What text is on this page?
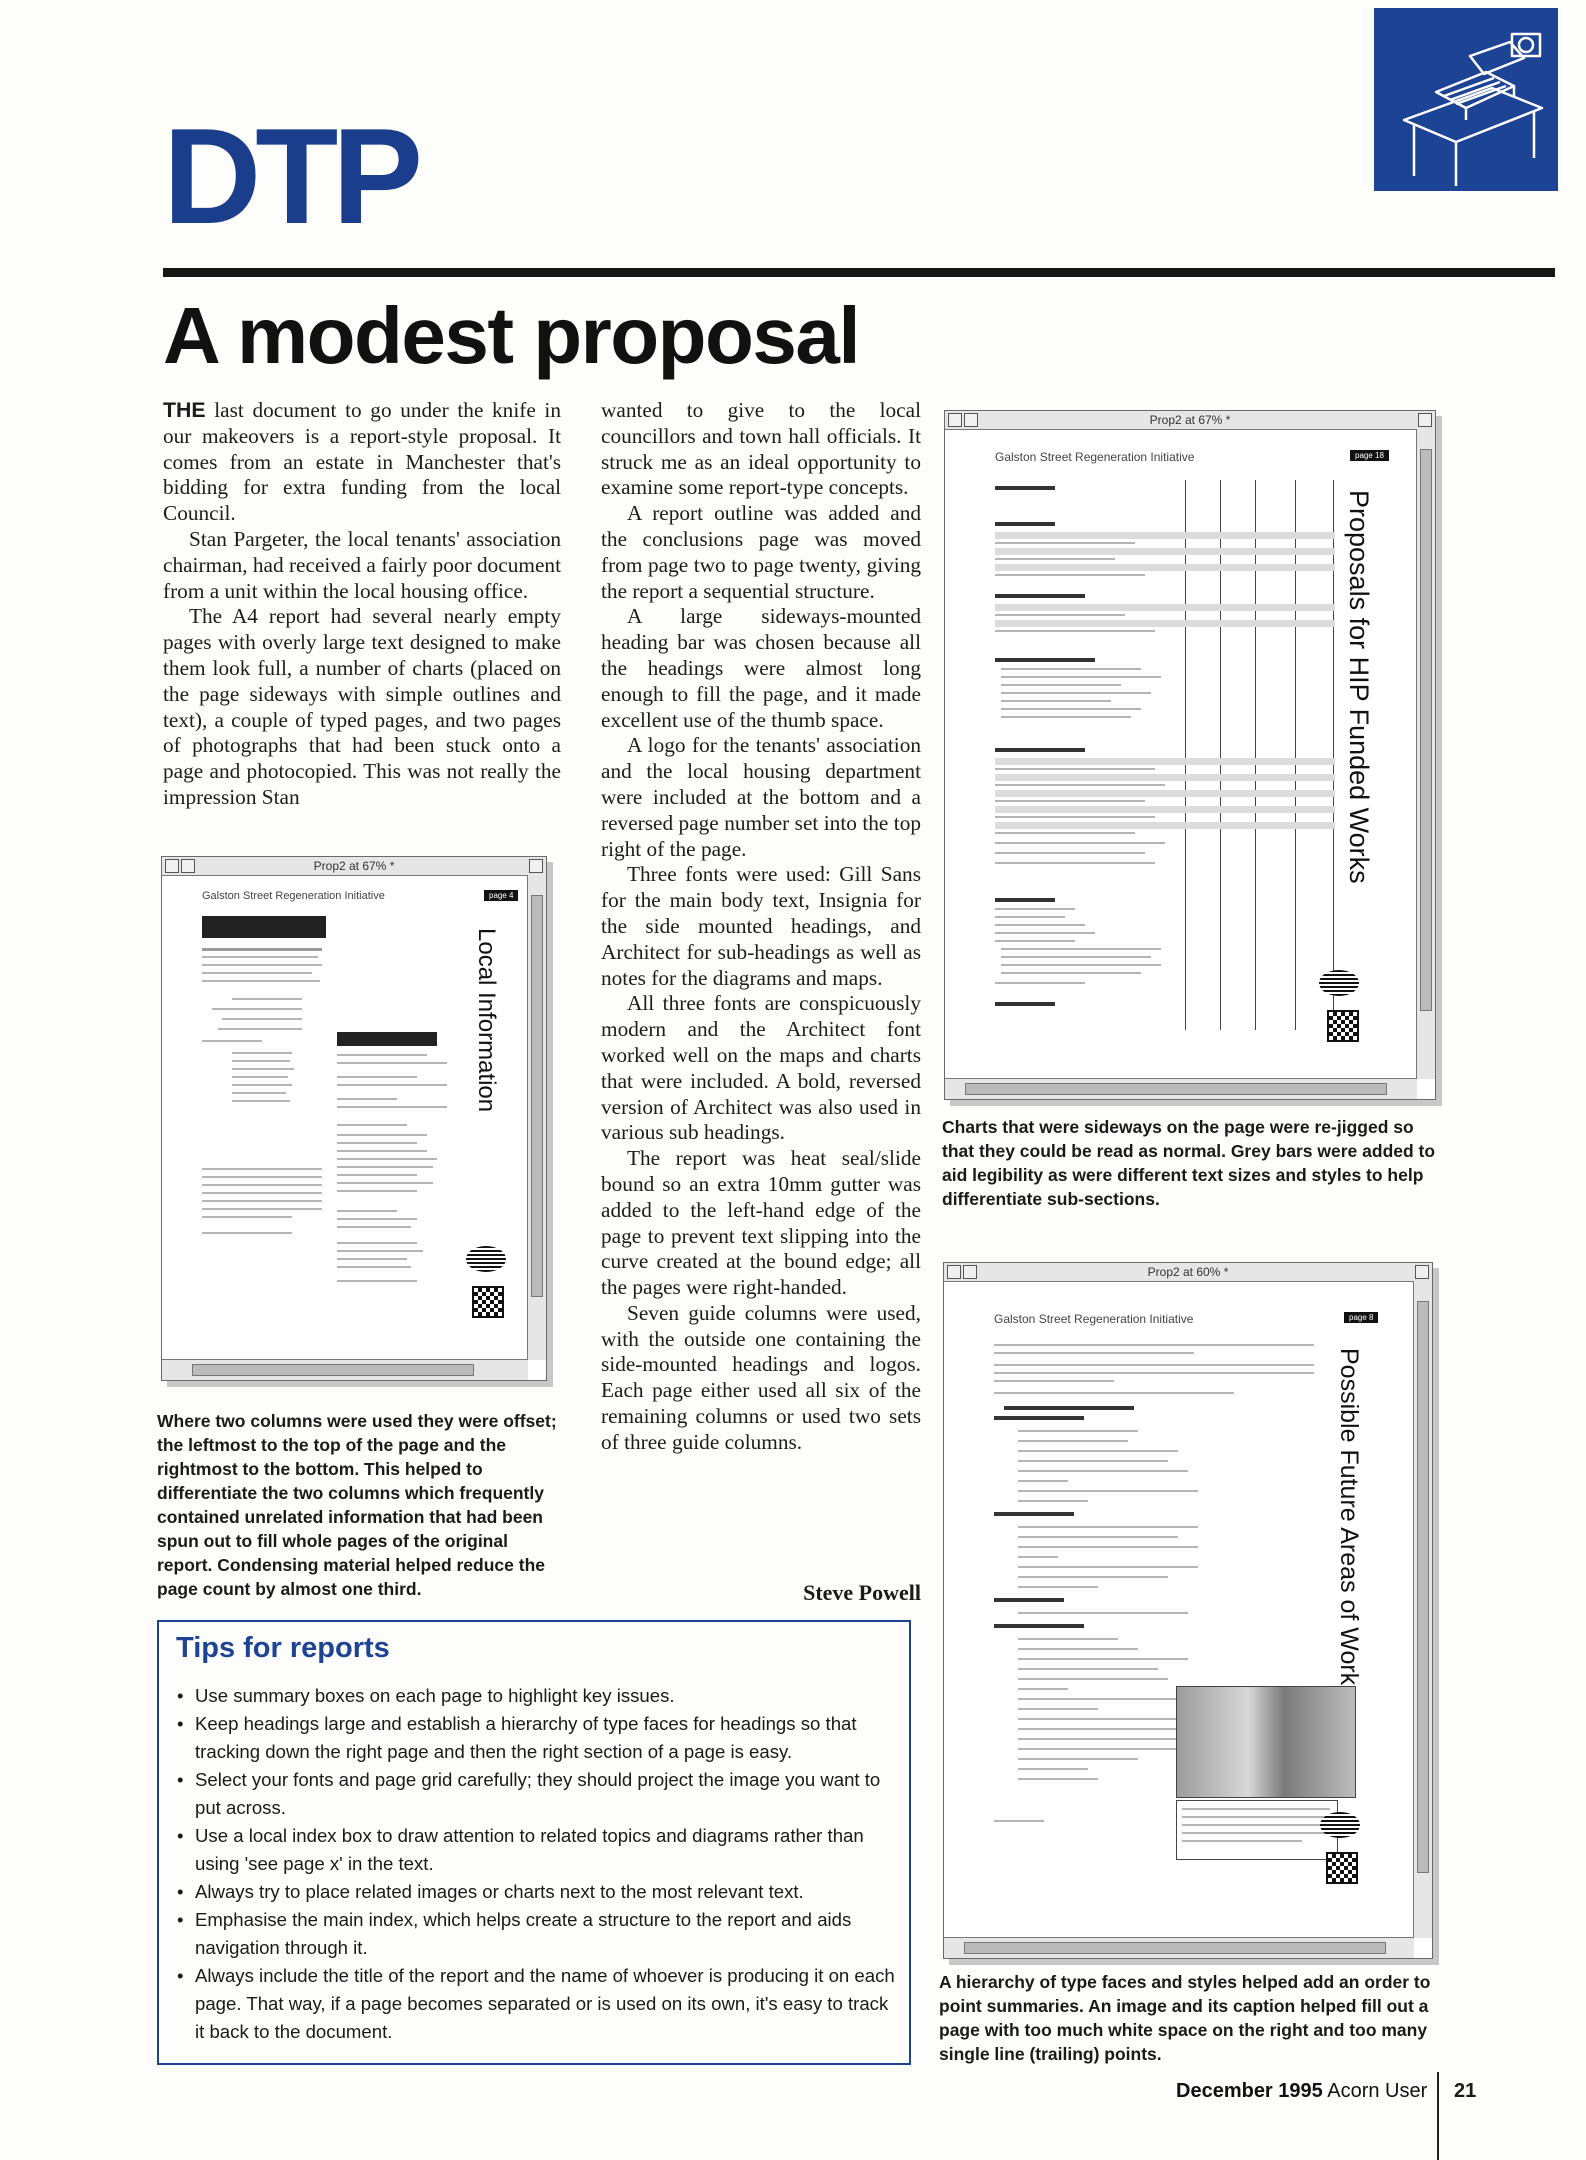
DTP
A modest proposal

THE last document to go under the knife in our makeovers is a report-style proposal. It comes from an estate in Manchester that's bidding for extra funding from the local Council.

Stan Pargeter, the local tenants' association chairman, had received a fairly poor document from a unit within the local housing office.

The A4 report had several nearly empty pages with overly large text designed to make them look full, a number of charts (placed on the page sideways with simple outlines and text), a couple of typed pages, and two pages of photographs that had been stuck onto a page and photocopied. This was not really the impression Stan

wanted to give to the local councillors and town hall officials. It struck me as an ideal opportunity to examine some report-type concepts.

A report outline was added and the conclusions page was moved from page two to page twenty, giving the report a sequential structure.

A large sideways-mounted heading bar was chosen because all the headings were almost long enough to fill the page, and it made excellent use of the thumb space.

A logo for the tenants' association and the local housing department were included at the bottom and a reversed page number set into the top right of the page.

Three fonts were used: Gill Sans for the main body text, Insignia for the side mounted headings, and Architect for sub-headings as well as notes for the diagrams and maps.

All three fonts are conspicuously modern and the Architect font worked well on the maps and charts that were included. A bold, reversed version of Architect was also used in various sub headings.

The report was heat seal/slide bound so an extra 10mm gutter was added to the left-hand edge of the page to prevent text slipping into the curve created at the bound edge; all the pages were right-handed.

Seven guide columns were used, with the outside one containing the side-mounted headings and logos. Each page either used all six of the remaining columns or used two sets of three guide columns.

Steve Powell
Prop2 at 67% *
Galston Street Regeneration Initiative	page 4
Local Information
Where two columns were used they were offset; the leftmost to the top of the page and the rightmost to the bottom. This helped to differentiate the two columns which frequently contained unrelated information that had been spun out to fill whole pages of the original report. Condensing material helped reduce the page count by almost one third.
Prop2 at 67% *
Galston Street Regeneration Initiative	page 18
Proposals for HIP Funded Works
Charts that were sideways on the page were re-jigged so that they could be read as normal. Grey bars were added to aid legibility as were different text sizes and styles to help differentiate sub-sections.
Prop2 at 60% *
Galston Street Regeneration Initiative	page 8
Possible Future Areas of Work
A hierarchy of type faces and styles helped add an order to point summaries. An image and its caption helped fill out a page with too much white space on the right and too many single line (trailing) points.
Tips for reports
• Use summary boxes on each page to highlight key issues.
• Keep headings large and establish a hierarchy of type faces for headings so that tracking down the right page and then the right section of a page is easy.
• Select your fonts and page grid carefully; they should project the image you want to put across.
• Use a local index box to draw attention to related topics and diagrams rather than using 'see page x' in the text.
• Always try to place related images or charts next to the most relevant text.
• Emphasise the main index, which helps create a structure to the report and aids navigation through it.
• Always include the title of the report and the name of whoever is producing it on each page. That way, if a page becomes separated or is used on its own, it's easy to track it back to the document.
December 1995 Acorn User 21
